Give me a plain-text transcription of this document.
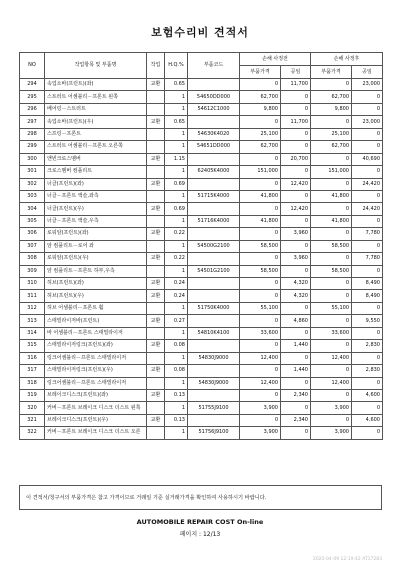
보험수리비 견적서
NO	작업항목 및 부품명	작업	H.Q.%	부품코드	손해 사정전		손해 사정후	
					부품가격	공임	부품가격	공임
294	속업소바(프런트)(좌)	교환	0.65		0	11,700	0	23,000
295	스트러트 어셈블리－프론트 왼쪽		1	54650DD000	62,700	0	62,700	0
296	베어링－스트러트		1	54612C1000	9,800	0	9,800	0
297	속업소바(프런트)(우)	교환	0.65		0	11,700	0	23,000
298	스프링－프론트		1	54630K4020	25,100	0	25,100	0
299	스트러트 어셈블리－프론트 오른쪽		1	54651DD000	62,700	0	62,700	0
300	앤빈크로스멤버	교환	1.15		0	20,700	0	40,690
301	크로스멤버 컴플리트		1	62405K4000	151,000	0	151,000	0
302	너클(프런트)(좌)	교환	0.69		0	12,420	0	24,420
303	너클－프론트 액슬,좌측		1	51715K4000	41,800	0	41,800	0
304	너클(프런트)(우)	교환	0.69		0	12,420	0	24,420
305	너클－프론트 액슬,우측		1	51716K4000	41,800	0	41,800	0
306	로워암(프런트)(좌)	교환	0.22		0	3,960	0	7,780
307	암 컴플리트－로어 좌		1	54500G2100	58,500	0	58,500	0
308	로워암(프런트)(우)	교환	0.22		0	3,960	0	7,780
309	암 컴플리트－프론트 하부,우측		1	54501G2100	58,500	0	58,500	0
310	허브(프런트)(좌)	교환	0.24		0	4,320	0	8,490
311	허브(프런트)(우)	교환	0.24		0	4,320	0	8,490
312	허브 어셈블리－프론트 휠		1	51750K4000	55,100	0	55,100	0
313	스태빌라이저바(프런트)	교환	0.27		0	4,860	0	9,550
314	바 어셈블리－프론트 스태빌라이저		1	54810K4100	33,600	0	33,600	0
315	스태빌라이저링크(프런트)(좌)	교환	0.08		0	1,440	0	2,830
316	링크어셈블리－프론트 스태빌라이저		1	54830J9000	12,400	0	12,400	0
317	스태빌라이저링크(프런트)(우)	교환	0.08		0	1,440	0	2,830
318	링크어셈블리－프론트 스태빌라이저		1	54830J9000	12,400	0	12,400	0
319	브레이크디스크(프런트)(좌)	교환	0.13		0	2,340	0	4,600
320	커버－프론트 브레이크 디스크 더스트 왼쪽		1	51755J9100	3,900	0	3,900	0
321	브레이크디스크(프런트)(우)	교환	0.13		0	2,340	0	4,600
322	커버－프론트 브레이크 디스크 더스트 오른		1	51756J9100	3,900	0	3,900	0
이 견적서/청구서의 부품가격은 참고 가격이므로 거래일 기준 실거래가격을 확인하여 사용하시기 바랍니다.
AUTOMOBILE REPAIR COST On-line
페이지 : 12/13
2025-04-09 12:19:42 AT17283
